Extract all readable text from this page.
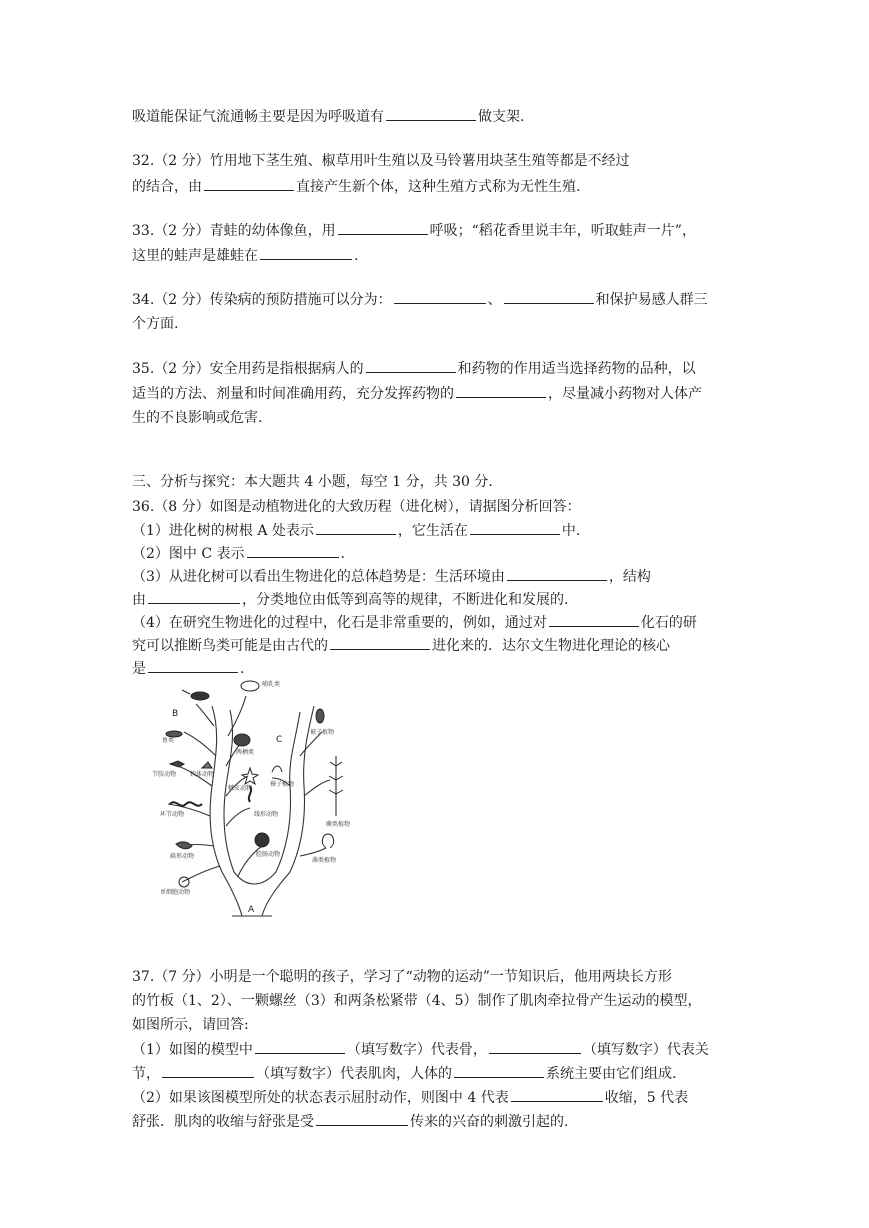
吸道能保证气流通畅主要是因为呼吸道有	做支架.
32.（2 分）竹用地下茎生殖、椒草用叶生殖以及马铃薯用块茎生殖等都是不经过
的结合，由	直接产生新个体，这种生殖方式称为无性生殖.
33.（2 分）青蛙的幼体像鱼，用	呼吸；“稻花香里说丰年，听取蛙声一片”，
这里的蛙声是雄蛙在	.
34.（2 分）传染病的预防措施可以分为：	、	和保护易感人群三
个方面.
35.（2 分）安全用药是指根据病人的	和药物的作用适当选择药物的品种，以
适当的方法、剂量和时间准确用药，充分发挥药物的	，尽量减小药物对人体产
生的不良影响或危害.
三、分析与探究：本大题共 4 小题，每空 1 分，共 30 分.
36.（8 分）如图是动植物进化的大致历程（进化树），请据图分析回答：
（1）进化树的树根 A 处表示	，它生活在	中.
（2）图中 C 表示	.
（3）从进化树可以看出生物进化的总体趋势是：生活环境由	，结构
由	，分类地位由低等到高等的规律，不断进化和发展的.
（4）在研究生物进化的过程中，化石是非常重要的，例如，通过对	化石的研
究可以推断鸟类可能是由古代的	进化来的．达尔文生物进化理论的核心
是	.
A
B
C
哺乳类
鱼类
两栖类
被子植物
节肢动物 软体动物
棘皮动物
裸子植物
蕨类植物
环节动物	线形动物
扁形动物	腔肠动物
藻类植物
单细胞动物
37.（7 分）小明是一个聪明的孩子，学习了“动物的运动”一节知识后，他用两块长方形
的竹板（1、2）、一颗螺丝（3）和两条松紧带（4、5）制作了肌肉牵拉骨产生运动的模型，
如图所示，请回答:
（1）如图的模型中	（填写数字）代表骨，	（填写数字）代表关
节，	（填写数字）代表肌肉，人体的	系统主要由它们组成.
（2）如果该图模型所处的状态表示屈肘动作，则图中 4 代表	收缩，5 代表
舒张．肌肉的收缩与舒张是受	传来的兴奋的刺激引起的.
